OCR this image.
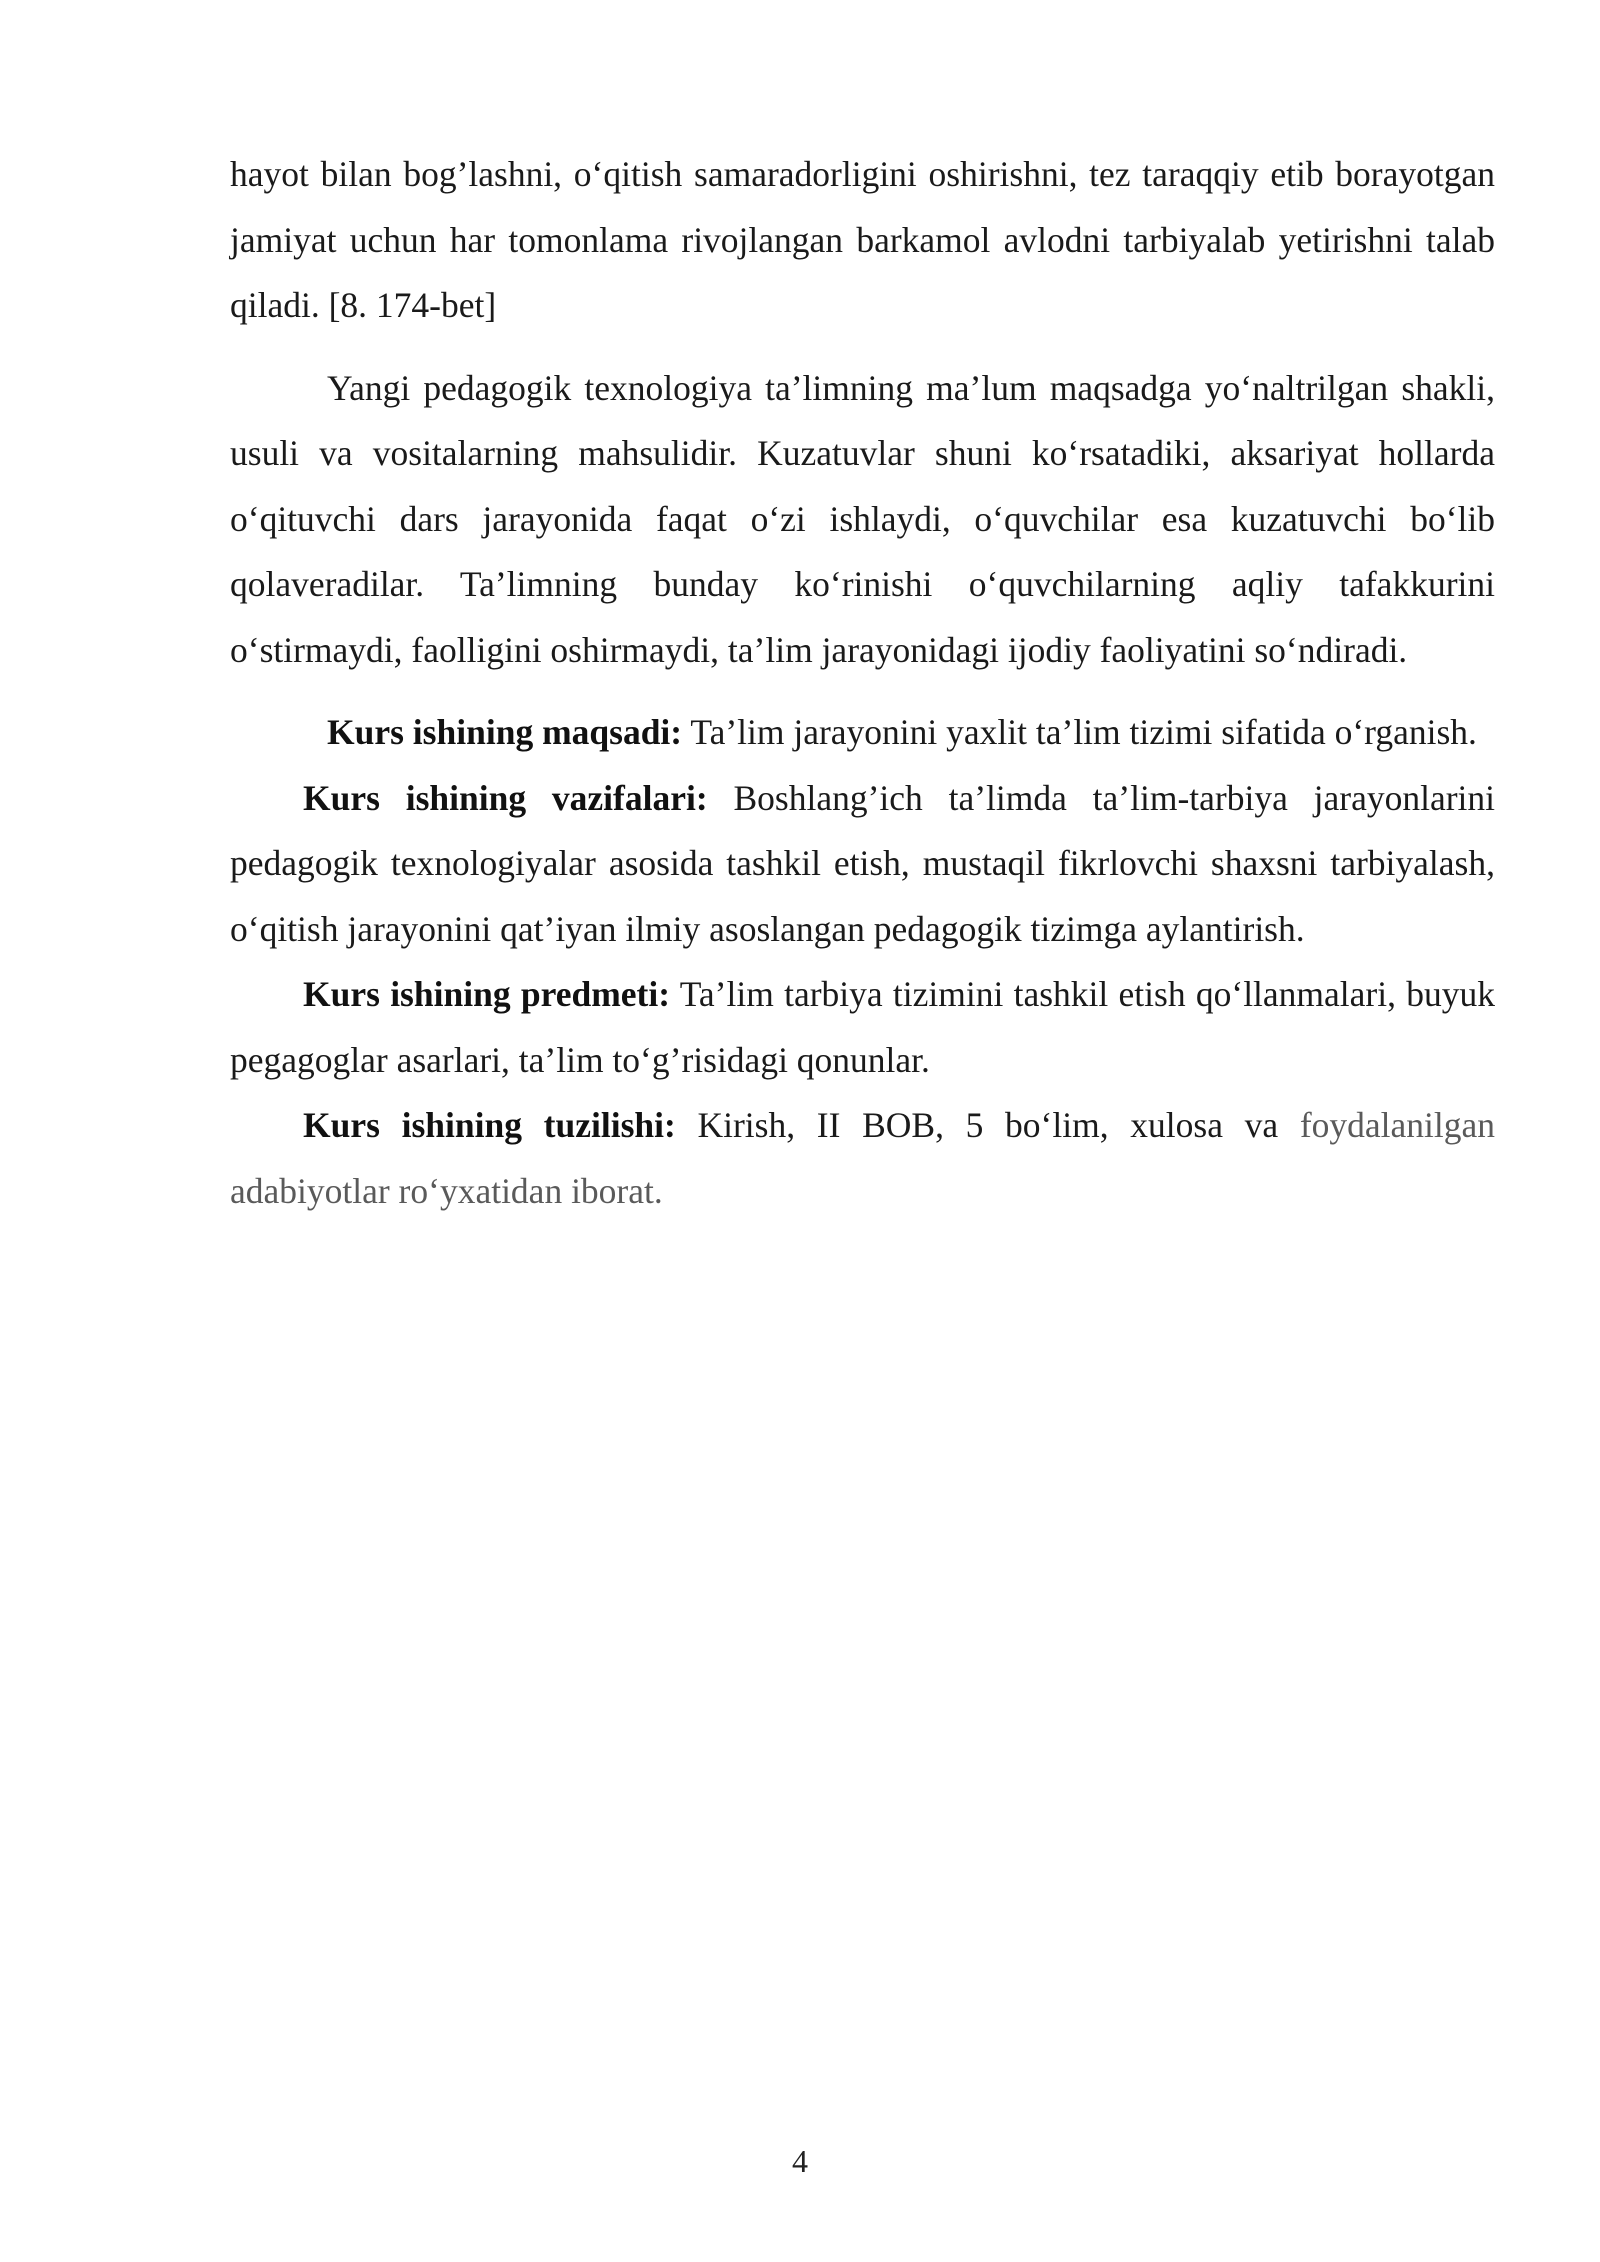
hayot bilan bog’lashni, o‘qitish samaradorligini oshirishni, tez taraqqiy etib borayotgan jamiyat uchun har tomonlama rivojlangan barkamol avlodni tarbiyalab yetirishni talab qiladi. [8. 174-bet]

Yangi pedagogik texnologiya ta’limning ma’lum maqsadga yo‘naltrilgan shakli, usuli va vositalarning mahsulidir. Kuzatuvlar shuni ko‘rsatadiki, aksariyat hollarda o‘qituvchi dars jarayonida faqat o‘zi ishlaydi, o‘quvchilar esa kuzatuvchi bo‘lib qolaveradilar. Ta’limning bunday ko‘rinishi o‘quvchilarning aqliy tafakkurini o‘stirmaydi, faolligini oshirmaydi, ta’lim jarayonidagi ijodiy faoliyatini so‘ndiradi.

Kurs ishining maqsadi: Ta’lim jarayonini yaxlit ta’lim tizimi sifatida o‘rganish.

Kurs ishining vazifalari: Boshlang’ich ta’limda ta’lim-tarbiya jarayonlarini pedagogik texnologiyalar asosida tashkil etish, mustaqil fikrlovchi shaxsni tarbiyalash, o‘qitish jarayonini qat’iyan ilmiy asoslangan pedagogik tizimga aylantirish.

Kurs ishining predmeti: Ta’lim tarbiya tizimini tashkil etish qo‘llanmalari, buyuk pegagoglar asarlari, ta’lim to‘g’risidagi qonunlar.

Kurs ishining tuzilishi: Kirish, II BOB, 5 bo‘lim, xulosa va foydalanilgan adabiyotlar ro‘yxatidan iborat.

4
